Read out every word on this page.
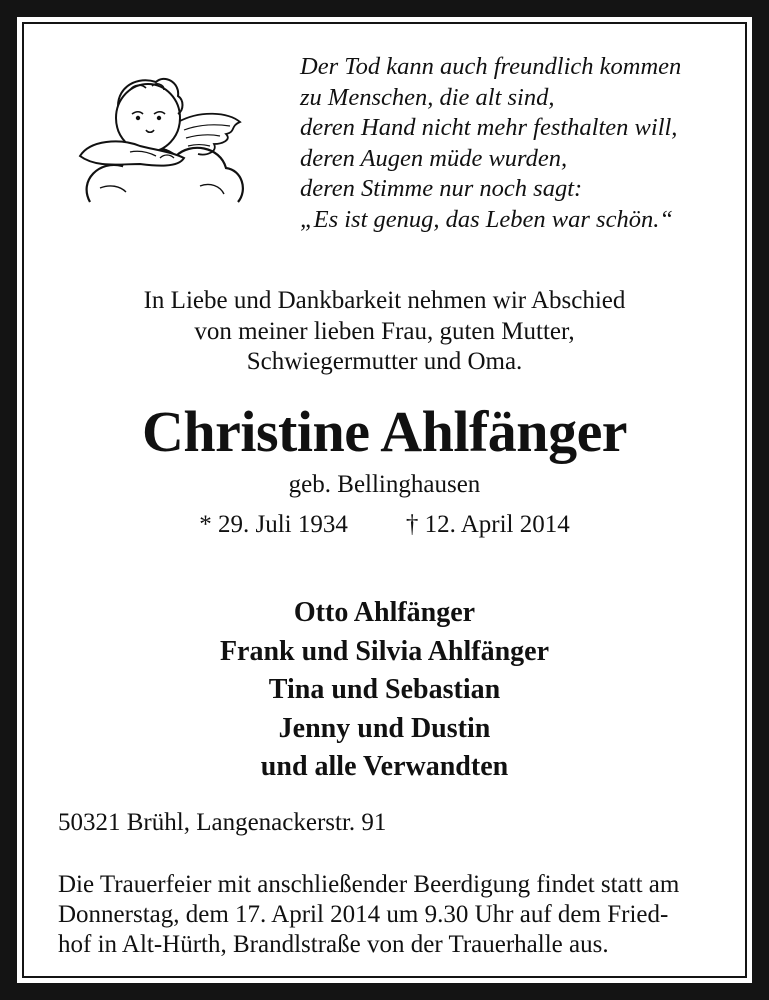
Der Tod kann auch freundlich kommen
zu Menschen, die alt sind,
deren Hand nicht mehr festhalten will,
deren Augen müde wurden,
deren Stimme nur noch sagt:
„Es ist genug, das Leben war schön.“
In Liebe und Dankbarkeit nehmen wir Abschied
von meiner lieben Frau, guten Mutter,
Schwiegermutter und Oma.
Christine Ahlfänger
geb. Bellinghausen
* 29. Juli 1934 † 12. April 2014
Otto Ahlfänger
Frank und Silvia Ahlfänger
Tina und Sebastian
Jenny und Dustin
und alle Verwandten
50321 Brühl, Langenackerstr. 91
Die Trauerfeier mit anschließender Beerdigung findet statt am
Donnerstag, dem 17. April 2014 um 9.30 Uhr auf dem Fried-
hof in Alt-Hürth, Brandlstraße von der Trauerhalle aus.
